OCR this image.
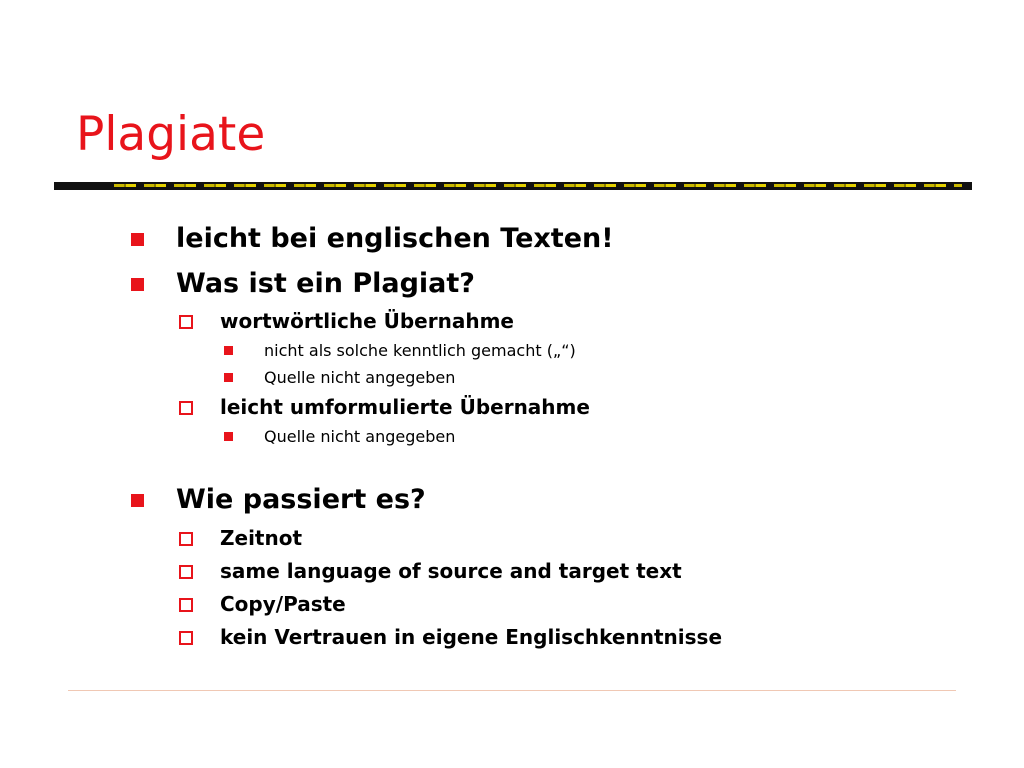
Plagiate
leicht bei englischen Texten!
Was ist ein Plagiat?
wortwörtliche Übernahme
nicht als solche kenntlich gemacht („“)
Quelle nicht angegeben
leicht umformulierte Übernahme
Quelle nicht angegeben
Wie passiert es?
Zeitnot
same language of source and target text
Copy/Paste
kein Vertrauen in eigene Englischkenntnisse
